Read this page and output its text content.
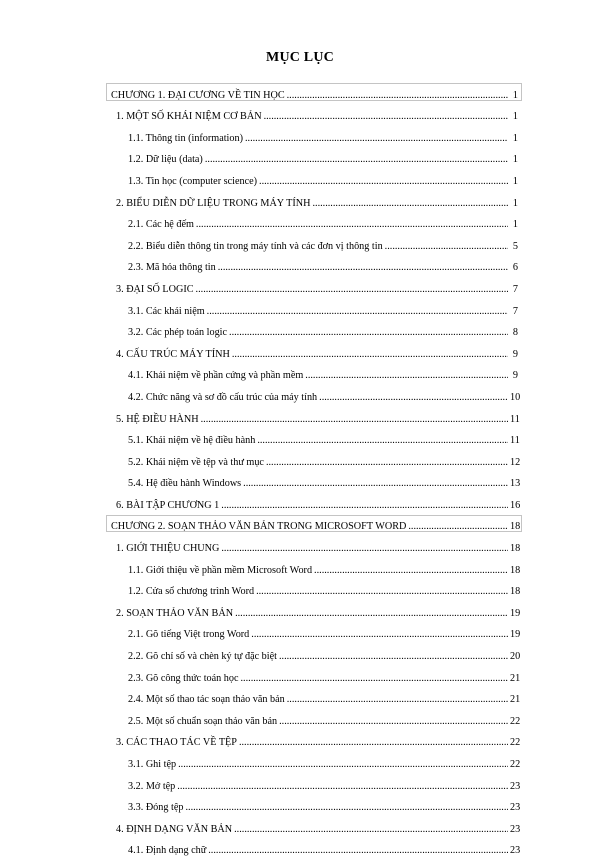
MỤC LỤC
CHƯƠNG 1. ĐẠI CƯƠNG VỀ TIN HỌC .....	1
1. MỘT SỐ KHÁI NIỆM CƠ BẢN .....	1
1.1. Thông tin (information) .....	1
1.2. Dữ liệu (data) .....	1
1.3. Tin học (computer science) .....	1
2. BIỂU DIỄN DỮ LIỆU TRONG MÁY TÍNH .....	1
2.1. Các hệ đếm .....	1
2.2. Biểu diễn thông tin trong máy tính và các đơn vị thông tin .....	5
2.3. Mã hóa thông tin .....	6
3. ĐẠI SỐ LOGIC .....	7
3.1. Các khái niệm .....	7
3.2. Các phép toán logic .....	8
4. CẤU TRÚC MÁY TÍNH .....	9
4.1. Khái niệm về phần cứng và phần mềm .....	9
4.2. Chức năng và sơ đồ cấu trúc của máy tính .....	10
5. HỆ ĐIỀU HÀNH .....	11
5.1. Khái niệm về hệ điều hành .....	11
5.2. Khái niệm về tệp và thư mục .....	12
5.4. Hệ điều hành Windows .....	13
6. BÀI TẬP CHƯƠNG 1 .....	16
CHƯƠNG 2. SOẠN THẢO VĂN BẢN TRONG MICROSOFT WORD .....	18
1. GIỚI THIỆU CHUNG .....	18
1.1. Giới thiệu về phần mềm Microsoft Word .....	18
1.2. Cửa sổ chương trình Word .....	18
2. SOẠN THẢO VĂN BẢN .....	19
2.1. Gõ tiếng Việt trong Word .....	19
2.2. Gõ chỉ số và chèn ký tự đặc biệt .....	20
2.3. Gõ công thức toán học .....	21
2.4. Một số thao tác soạn thảo văn bản .....	21
2.5. Một số chuẩn soạn thảo văn bản .....	22
3. CÁC THAO TÁC VỀ TỆP .....	22
3.1. Ghi tệp .....	22
3.2. Mở tệp .....	23
3.3. Đóng tệp .....	23
4. ĐỊNH DẠNG VĂN BẢN .....	23
4.1. Định dạng chữ .....	23
